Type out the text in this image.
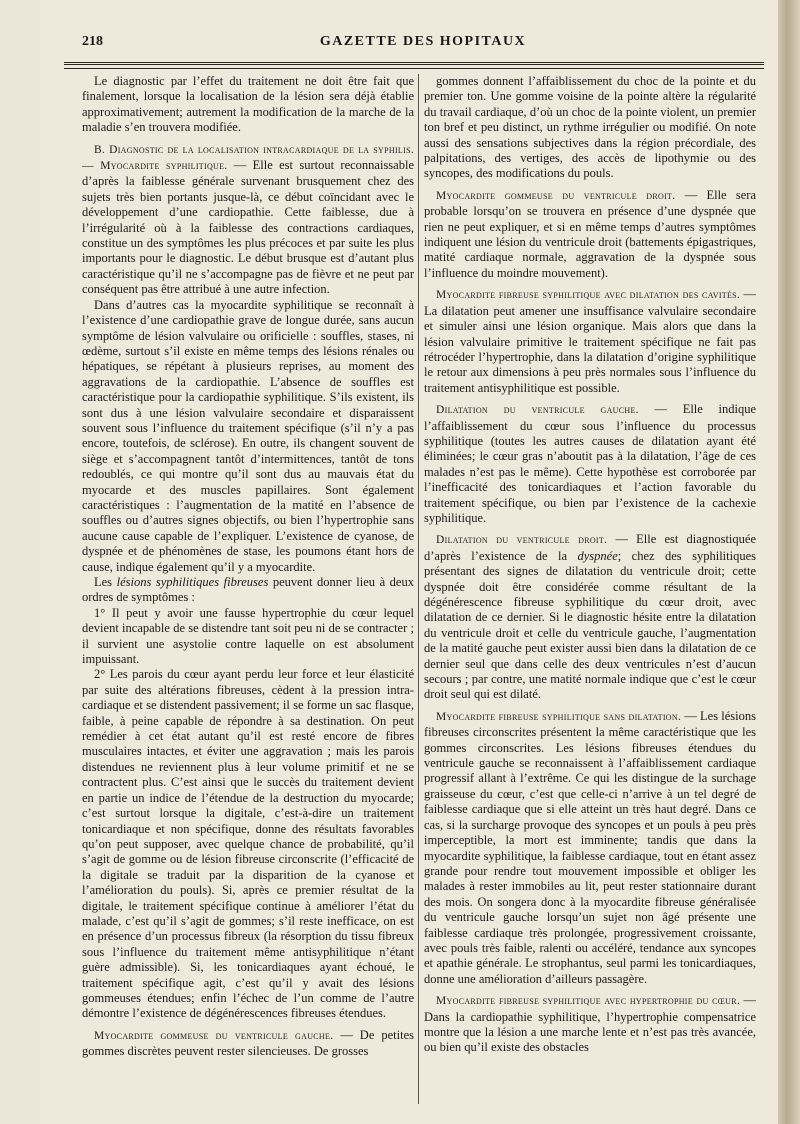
218	GAZETTE DES HOPITAUX

Le diagnostic par l’effet du traitement ne doit être fait que finalement, lorsque la localisation de la lésion sera déjà établie approximativement; autrement la modification de la marche de la maladie s’en trouvera modifiée.

B. Diagnostic de la localisation intracardiaque de la syphilis. — Myocardite syphilitique. — Elle est surtout reconnaissable d’après la faiblesse générale survenant brusquement chez des sujets très bien portants jusque-là, ce début coïncidant avec le développement d’une cardiopathie. Cette faiblesse, due à l’irrégularité où à la faiblesse des contractions cardiaques, constitue un des symptômes les plus précoces et par suite les plus importants pour le diagnostic. Le début brusque est d’autant plus caractéristique qu’il ne s’accompagne pas de fièvre et ne peut par conséquent pas être attribué à une autre infection.

Dans d’autres cas la myocardite syphilitique se reconnaît à l’existence d’une cardiopathie grave de longue durée, sans aucun symptôme de lésion valvulaire ou orificielle : souffles, stases, ni œdème, surtout s’il existe en même temps des lésions rénales ou hépatiques, se répétant à plusieurs reprises, au moment des aggravations de la cardiopathie. L’absence de souffles est caractéristique pour la cardiopathie syphilitique. S’ils existent, ils sont dus à une lésion valvulaire secondaire et disparaissent souvent sous l’influence du traitement spécifique (s’il n’y a pas encore, toutefois, de sclérose). En outre, ils changent souvent de siège et s’accompagnent tantôt d’intermittences, tantôt de tons redoublés, ce qui montre qu’il sont dus au mauvais état du myocarde et des muscles papillaires. Sont également caractéristiques : l’augmentation de la matité en l’absence de souffles ou d’autres signes objectifs, ou bien l’hypertrophie sans aucune cause capable de l’expliquer. L’existence de cyanose, de dyspnée et de phénomènes de stase, les poumons étant hors de cause, indique également qu’il y a myocardite.

Les lésions syphilitiques fibreuses peuvent donner lieu à deux ordres de symptômes :

1° Il peut y avoir une fausse hypertrophie du cœur lequel devient incapable de se distendre tant soit peu ni de se contracter ; il survient une asystolie contre laquelle on est absolument impuissant.

2° Les parois du cœur ayant perdu leur force et leur élasticité par suite des altérations fibreuses, cèdent à la pression intra-cardiaque et se distendent passivement; il se forme un sac flasque, faible, à peine capable de répondre à sa destination. On peut remédier à cet état autant qu’il est resté encore de fibres musculaires intactes, et éviter une aggravation ; mais les parois distendues ne reviennent plus à leur volume primitif et ne se contractent plus. C’est ainsi que le succès du traitement devient en partie un indice de l’étendue de la destruction du myocarde; c’est surtout lorsque la digitale, c’est-à-dire un traitement tonicardiaque et non spécifique, donne des résultats favorables qu’on peut supposer, avec quelque chance de probabilité, qu’il s’agit de gomme ou de lésion fibreuse circonscrite (l’efficacité de la digitale se traduit par la disparition de la cyanose et l’amélioration du pouls). Si, après ce premier résultat de la digitale, le traitement spécifique continue à améliorer l’état du malade, c’est qu’il s’agit de gommes; s’il reste inefficace, on est en présence d’un processus fibreux (la résorption du tissu fibreux sous l’influence du traitement même antisyphilitique n’étant guère admissible). Si, les tonicardiaques ayant échoué, le traitement spécifique agit, c’est qu’il y avait des lésions gommeuses étendues; enfin l’échec de l’un comme de l’autre démontre l’existence de dégénérescences fibreuses étendues.

Myocardite gommeuse du ventricule gauche. — De petites gommes discrètes peuvent rester silencieuses. De grosses

gommes donnent l’affaiblissement du choc de la pointe et du premier ton. Une gomme voisine de la pointe altère la régularité du travail cardiaque, d’où un choc de la pointe violent, un premier ton bref et peu distinct, un rythme irrégulier ou modifié. On note aussi des sensations subjectives dans la région précordiale, des palpitations, des vertiges, des accès de lipothymie ou des syncopes, des modifications du pouls.

Myocardite gommeuse du ventricule droit. — Elle sera probable lorsqu’on se trouvera en présence d’une dyspnée que rien ne peut expliquer, et si en même temps d’autres symptômes indiquent une lésion du ventricule droit (battements épigastriques, matité cardiaque normale, aggravation de la dyspnée sous l’influence du moindre mouvement).

Myocardite fibreuse syphilitique avec dilatation des cavités. — La dilatation peut amener une insuffisance valvulaire secondaire et simuler ainsi une lésion organique. Mais alors que dans la lésion valvulaire primitive le traitement spécifique ne fait pas rétrocéder l’hypertrophie, dans la dilatation d’origine syphilitique le retour aux dimensions à peu près normales sous l’influence du traitement antisyphilitique est possible.

Dilatation du ventricule gauche. — Elle indique l’affaiblissement du cœur sous l’influence du processus syphilitique (toutes les autres causes de dilatation ayant été éliminées; le cœur gras n’aboutit pas à la dilatation, l’âge de ces malades n’est pas le même). Cette hypothèse est corroborée par l’inefficacité des tonicardiaques et l’action favorable du traitement spécifique, ou bien par l’existence de la cachexie syphilitique.

Dilatation du ventricule droit. — Elle est diagnostiquée d’après l’existence de la dyspnée; chez des syphilitiques présentant des signes de dilatation du ventricule droit; cette dyspnée doit être considérée comme résultant de la dégénérescence fibreuse syphilitique du cœur droit, avec dilatation de ce dernier. Si le diagnostic hésite entre la dilatation du ventricule droit et celle du ventricule gauche, l’augmentation de la matité gauche peut exister aussi bien dans la dilatation de ce dernier seul que dans celle des deux ventricules n’est d’aucun secours ; par contre, une matité normale indique que c’est le cœur droit seul qui est dilaté.

Myocardite fibreuse syphilitique sans dilatation. — Les lésions fibreuses circonscrites présentent la même caractéristique que les gommes circonscrites. Les lésions fibreuses étendues du ventricule gauche se reconnaissent à l’affaiblissement cardiaque progressif allant à l’extrême. Ce qui les distingue de la surchage graisseuse du cœur, c’est que celle-ci n’arrive à un tel degré de faiblesse cardiaque que si elle atteint un très haut degré. Dans ce cas, si la surcharge provoque des syncopes et un pouls à peu près imperceptible, la mort est imminente; tandis que dans la myocardite syphilitique, la faiblesse cardiaque, tout en étant assez grande pour rendre tout mouvement impossible et obliger les malades à rester immobiles au lit, peut rester stationnaire durant des mois. On songera donc à la myocardite fibreuse généralisée du ventricule gauche lorsqu’un sujet non âgé présente une faiblesse cardiaque très prolongée, progressivement croissante, avec pouls très faible, ralenti ou accéléré, tendance aux syncopes et apathie générale. Le strophantus, seul parmi les tonicardiaques, donne une amélioration d’ailleurs passagère.

Myocardite fibreuse syphilitique avec hypertrophie du cœur. — Dans la cardiopathie syphilitique, l’hypertrophie compensatrice montre que la lésion a une marche lente et n’est pas très avancée, ou bien qu’il existe des obstacles
